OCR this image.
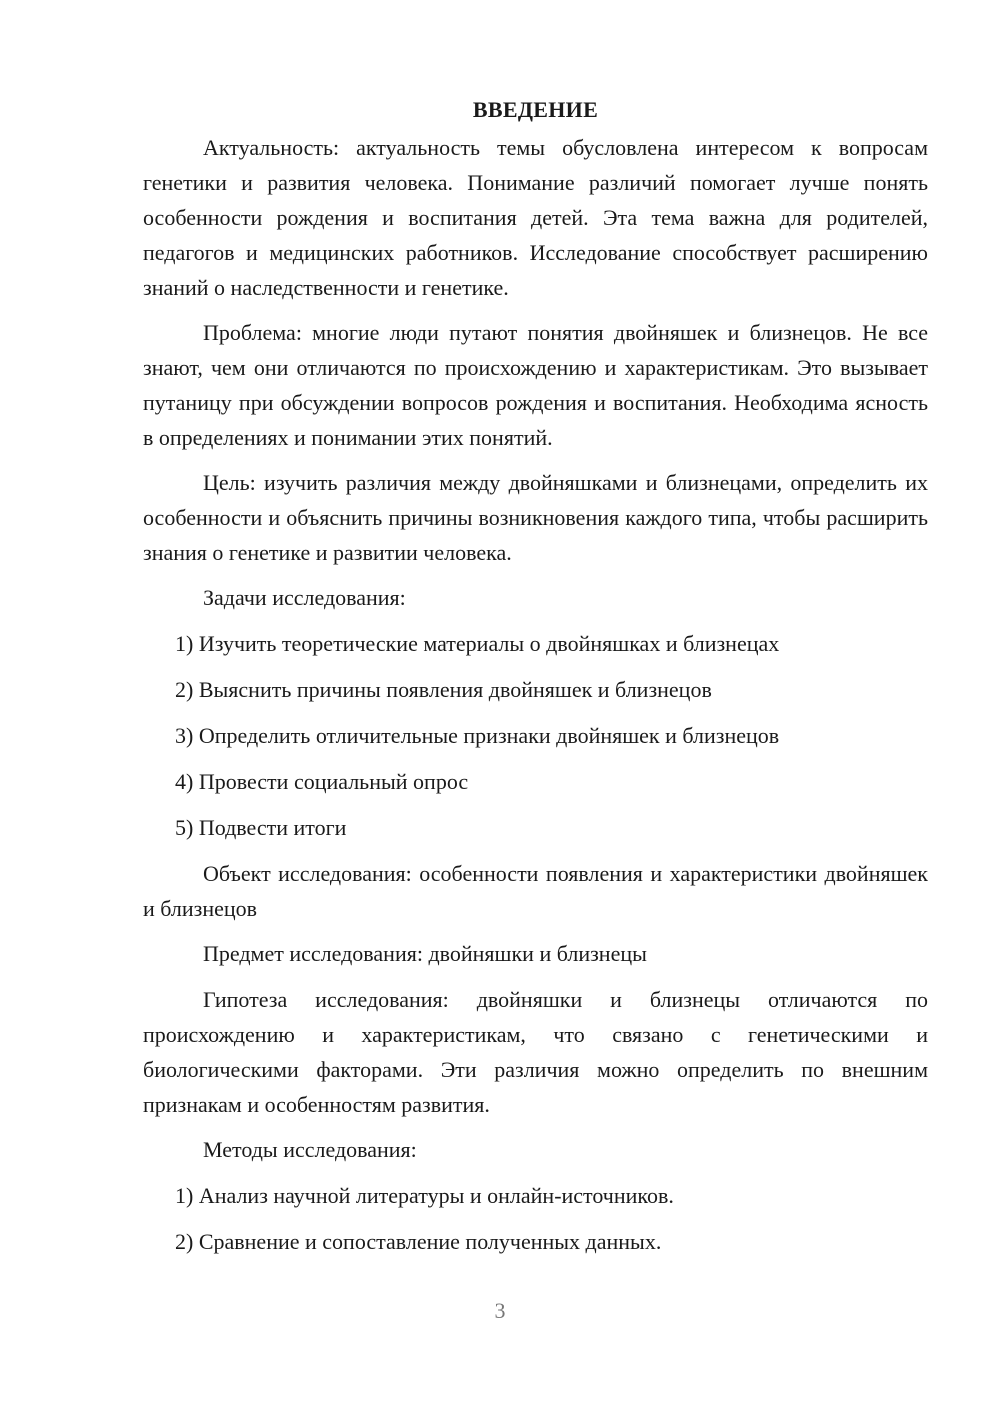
ВВЕДЕНИЕ

Актуальность: актуальность темы обусловлена интересом к вопросам генетики и развития человека. Понимание различий помогает лучше понять особенности рождения и воспитания детей. Эта тема важна для родителей, педагогов и медицинских работников. Исследование способствует расширению знаний о наследственности и генетике.

Проблема: многие люди путают понятия двойняшек и близнецов. Не все знают, чем они отличаются по происхождению и характеристикам. Это вызывает путаницу при обсуждении вопросов рождения и воспитания. Необходима ясность в определениях и понимании этих понятий.

Цель: изучить различия между двойняшками и близнецами, определить их особенности и объяснить причины возникновения каждого типа, чтобы расширить знания о генетике и развитии человека.

Задачи исследования:

1) Изучить теоретические материалы о двойняшках и близнецах
2) Выяснить причины появления двойняшек и близнецов
3) Определить отличительные признаки двойняшек и близнецов
4) Провести социальный опрос
5) Подвести итоги

Объект исследования: особенности появления и характеристики двойняшек и близнецов

Предмет исследования: двойняшки и близнецы

Гипотеза исследования: двойняшки и близнецы отличаются по происхождению и характеристикам, что связано с генетическими и биологическими факторами. Эти различия можно определить по внешним признакам и особенностям развития.

Методы исследования:

1) Анализ научной литературы и онлайн-источников.
2) Сравнение и сопоставление полученных данных.
3
